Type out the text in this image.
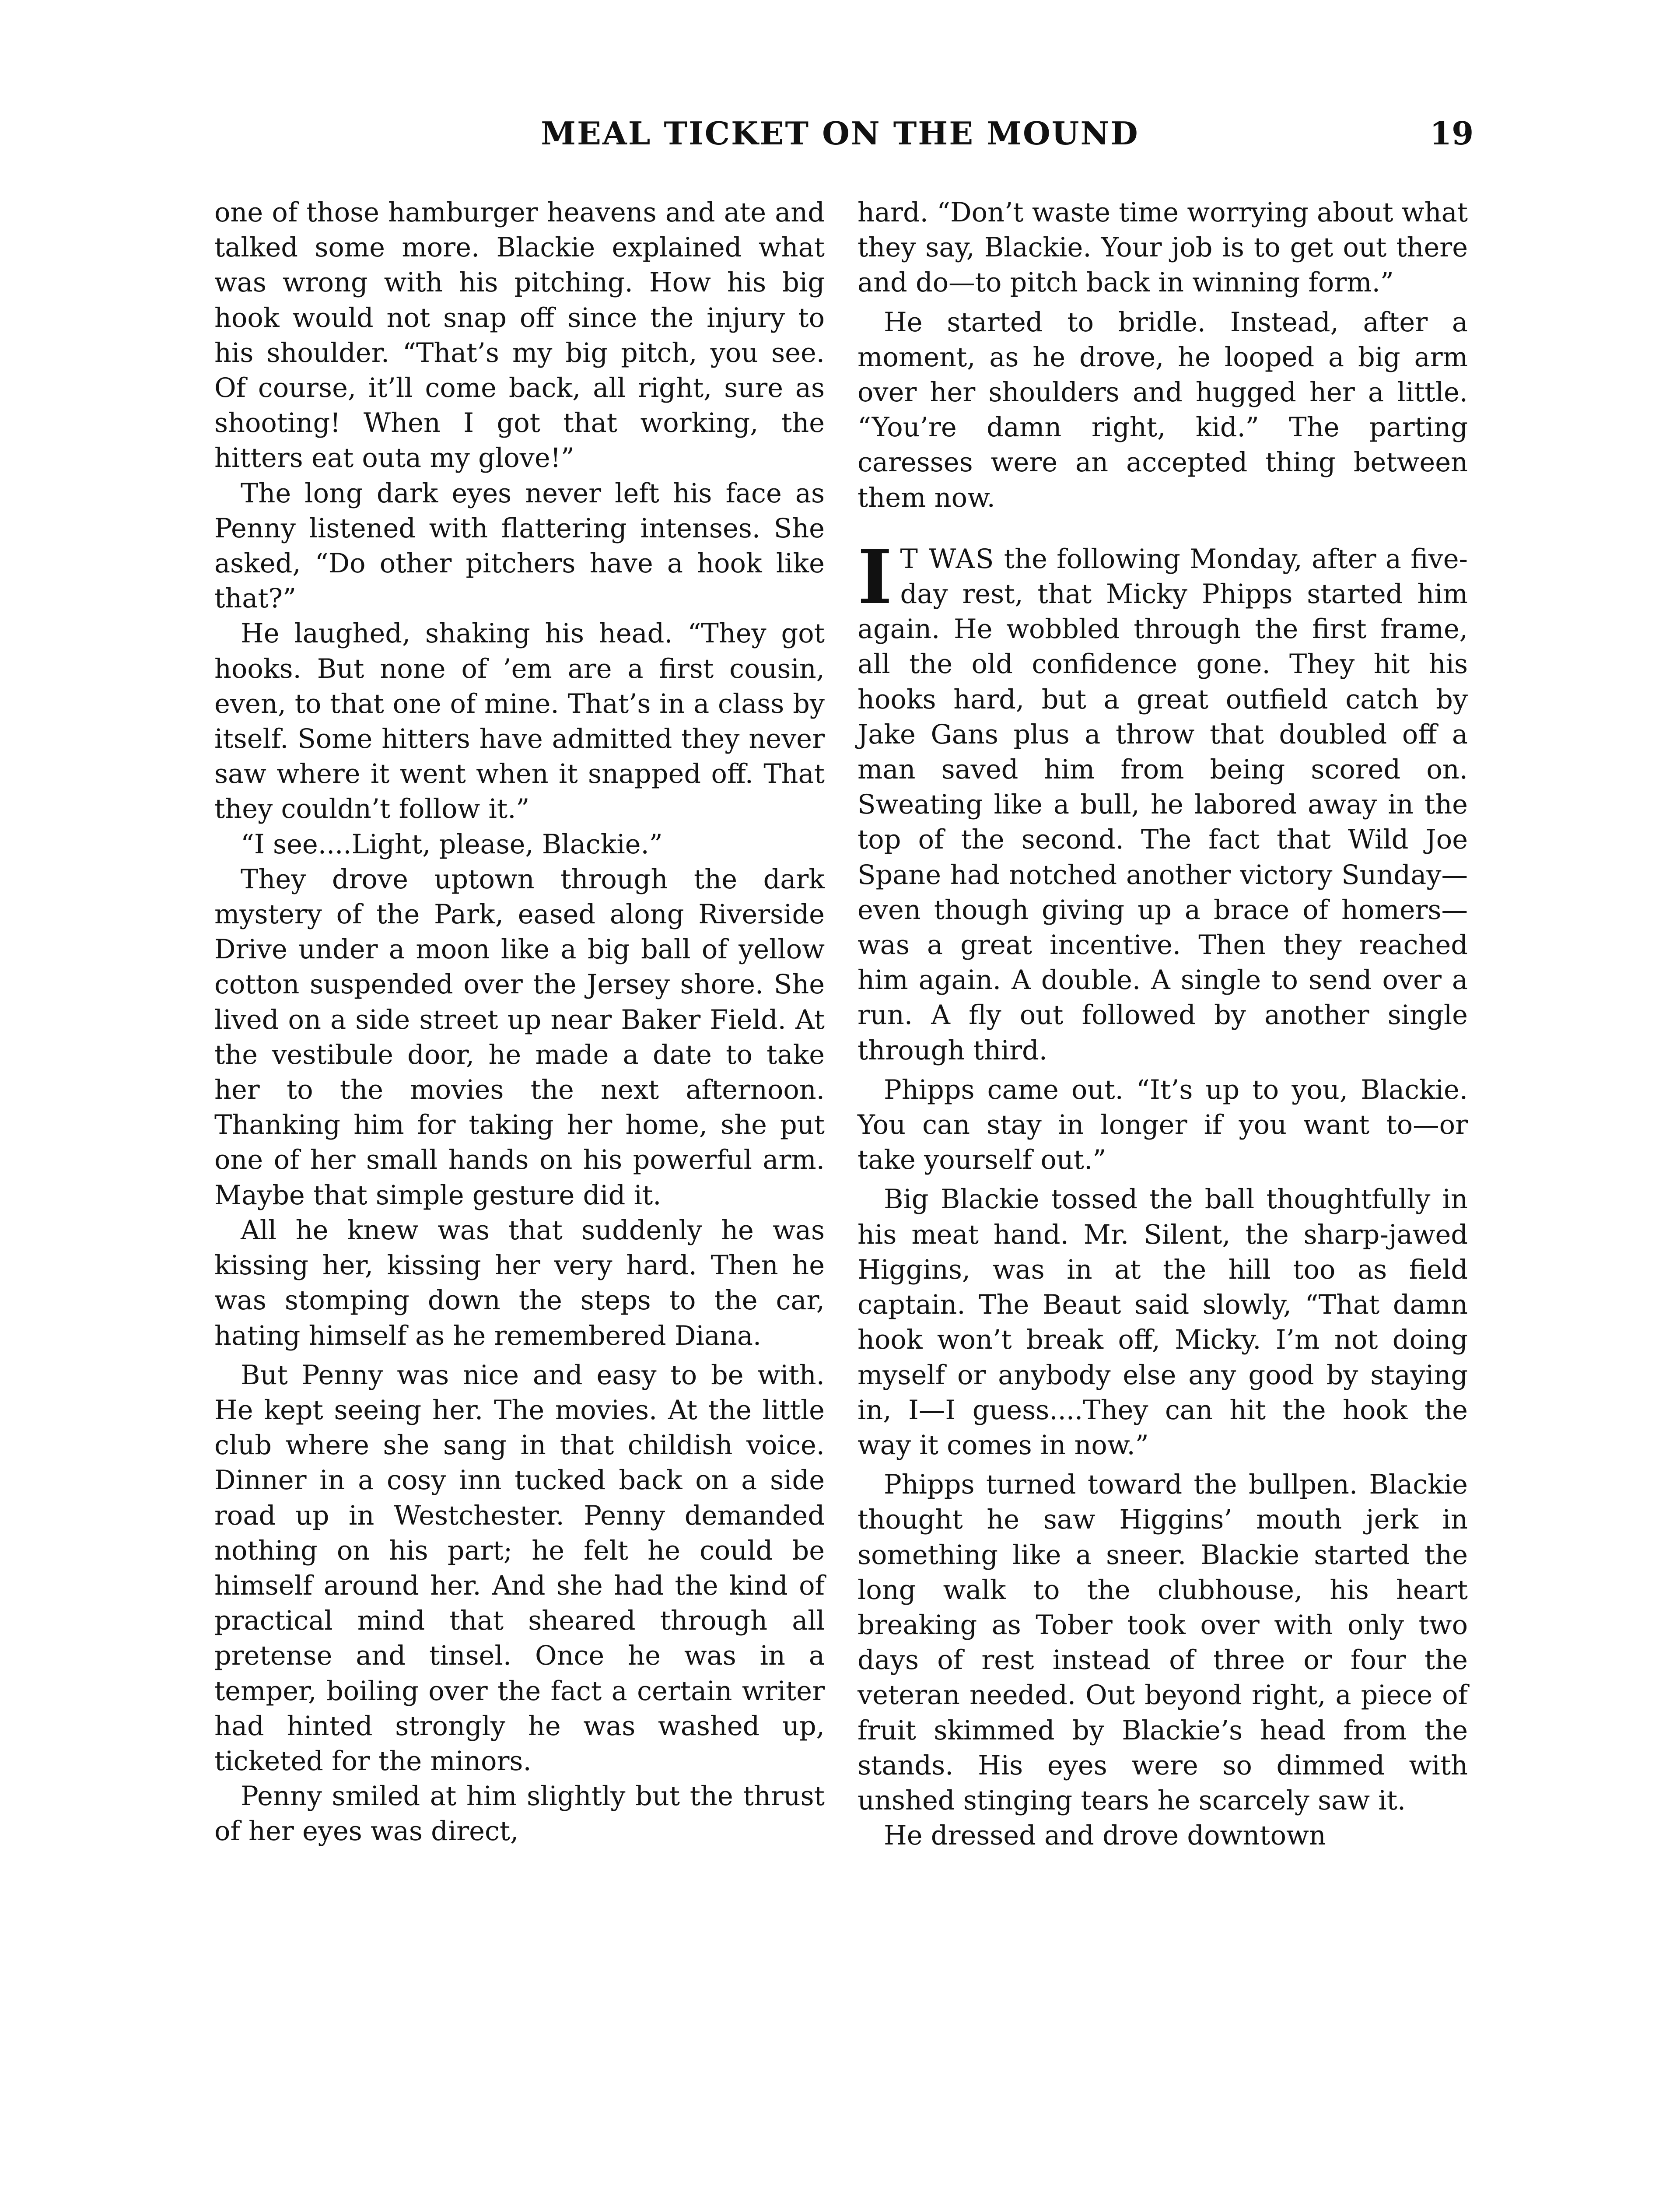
MEAL TICKET ON THE MOUND	19

one of those hamburger heavens and ate and talked some more. Blackie explained what was wrong with his pitching. How his big hook would not snap off since the injury to his shoulder. “That’s my big pitch, you see. Of course, it’ll come back, all right, sure as shooting! When I got that working, the hitters eat outa my glove!”

The long dark eyes never left his face as Penny listened with flattering intenses. She asked, “Do other pitchers have a hook like that?”

He laughed, shaking his head. “They got hooks. But none of ’em are a first cousin, even, to that one of mine. That’s in a class by itself. Some hitters have admitted they never saw where it went when it snapped off. That they couldn’t follow it.”

“I see....Light, please, Blackie.”

They drove uptown through the dark mystery of the Park, eased along Riverside Drive under a moon like a big ball of yellow cotton suspended over the Jersey shore. She lived on a side street up near Baker Field. At the vestibule door, he made a date to take her to the movies the next afternoon. Thanking him for taking her home, she put one of her small hands on his powerful arm. Maybe that simple gesture did it.

All he knew was that suddenly he was kissing her, kissing her very hard. Then he was stomping down the steps to the car, hating himself as he remembered Diana.

But Penny was nice and easy to be with. He kept seeing her. The movies. At the little club where she sang in that childish voice. Dinner in a cosy inn tucked back on a side road up in Westchester. Penny demanded nothing on his part; he felt he could be himself around her. And she had the kind of practical mind that sheared through all pretense and tinsel. Once he was in a temper, boiling over the fact a certain writer had hinted strongly he was washed up, ticketed for the minors.

Penny smiled at him slightly but the thrust of her eyes was direct,

hard. “Don’t waste time worrying about what they say, Blackie. Your job is to get out there and do—to pitch back in winning form.”

He started to bridle. Instead, after a moment, as he drove, he looped a big arm over her shoulders and hugged her a little. “You’re damn right, kid.” The parting caresses were an accepted thing between them now.

I T WAS the following Monday, after a five-day rest, that Micky Phipps started him again. He wobbled through the first frame, all the old confidence gone. They hit his hooks hard, but a great outfield catch by Jake Gans plus a throw that doubled off a man saved him from being scored on. Sweating like a bull, he labored away in the top of the second. The fact that Wild Joe Spane had notched another victory Sunday—even though giving up a brace of homers—was a great incentive. Then they reached him again. A double. A single to send over a run. A fly out followed by another single through third.

Phipps came out. “It’s up to you, Blackie. You can stay in longer if you want to—or take yourself out.”

Big Blackie tossed the ball thoughtfully in his meat hand. Mr. Silent, the sharp-jawed Higgins, was in at the hill too as field captain. The Beaut said slowly, “That damn hook won’t break off, Micky. I’m not doing myself or anybody else any good by staying in, I—I guess....They can hit the hook the way it comes in now.”

Phipps turned toward the bullpen. Blackie thought he saw Higgins’ mouth jerk in something like a sneer. Blackie started the long walk to the clubhouse, his heart breaking as Tober took over with only two days of rest instead of three or four the veteran needed. Out beyond right, a piece of fruit skimmed by Blackie’s head from the stands. His eyes were so dimmed with unshed stinging tears he scarcely saw it.

He dressed and drove downtown
